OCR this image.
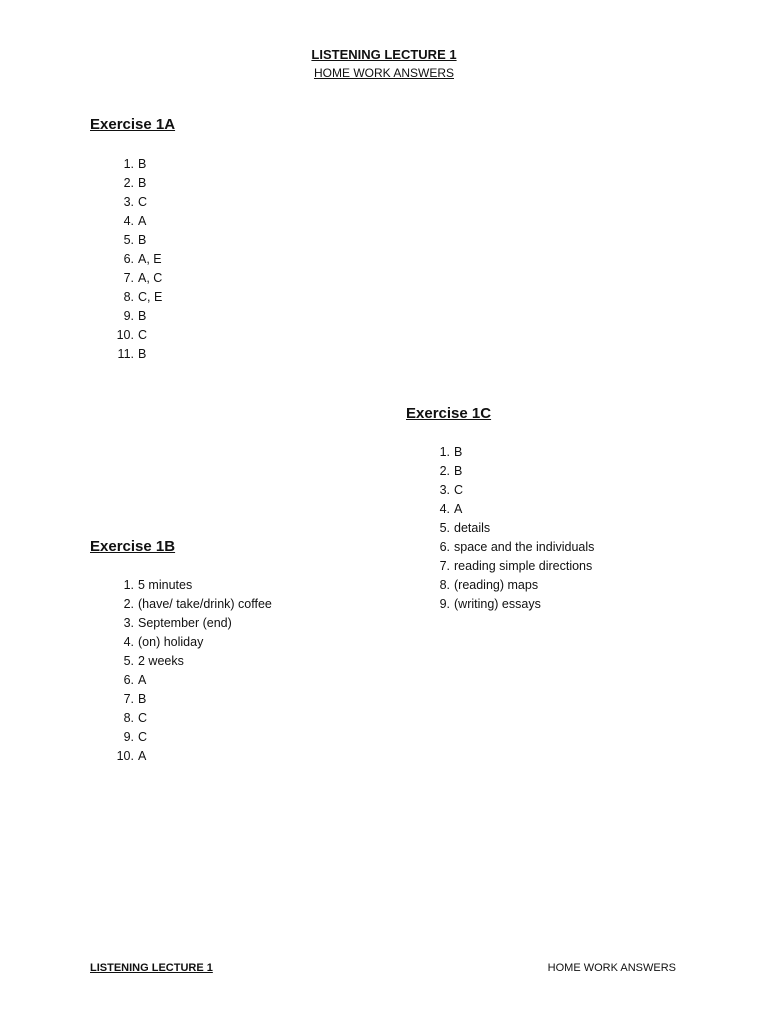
LISTENING LECTURE 1
HOME WORK ANSWERS
Exercise 1A
1. B
2. B
3. C
4. A
5. B
6. A, E
7. A, C
8. C, E
9. B
10. C
11. B
Exercise 1C
1. B
2. B
3. C
4. A
5. details
6. space and the individuals
7. reading simple directions
8. (reading) maps
9. (writing) essays
Exercise 1B
1. 5 minutes
2. (have/ take/drink) coffee
3. September (end)
4. (on) holiday
5. 2 weeks
6. A
7. B
8. C
9. C
10. A
LISTENING LECTURE 1	HOME WORK ANSWERS
